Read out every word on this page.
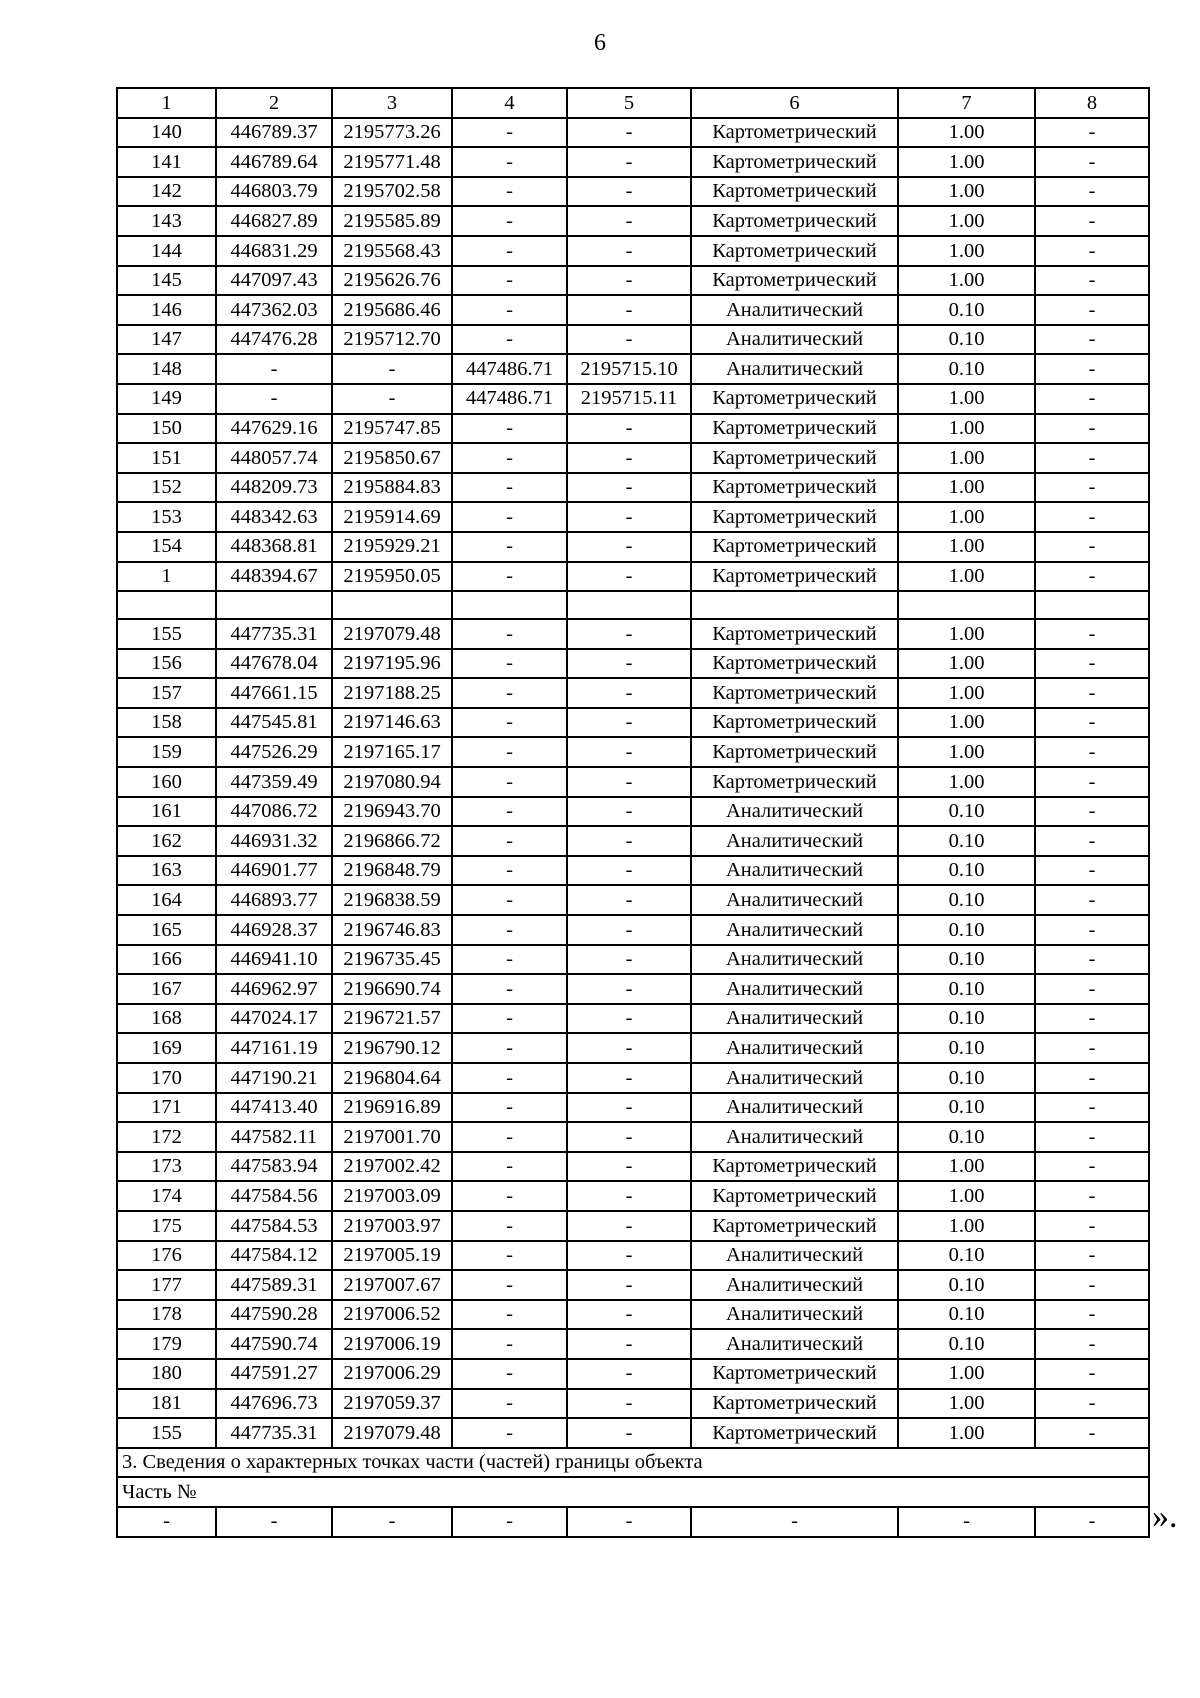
6
1	2	3	4	5	6	7	8
140	446789.37	2195773.26	-	-	Картометрический	1.00	-
141	446789.64	2195771.48	-	-	Картометрический	1.00	-
142	446803.79	2195702.58	-	-	Картометрический	1.00	-
143	446827.89	2195585.89	-	-	Картометрический	1.00	-
144	446831.29	2195568.43	-	-	Картометрический	1.00	-
145	447097.43	2195626.76	-	-	Картометрический	1.00	-
146	447362.03	2195686.46	-	-	Аналитический	0.10	-
147	447476.28	2195712.70	-	-	Аналитический	0.10	-
148	-	-	447486.71	2195715.10	Аналитический	0.10	-
149	-	-	447486.71	2195715.11	Картометрический	1.00	-
150	447629.16	2195747.85	-	-	Картометрический	1.00	-
151	448057.74	2195850.67	-	-	Картометрический	1.00	-
152	448209.73	2195884.83	-	-	Картометрический	1.00	-
153	448342.63	2195914.69	-	-	Картометрический	1.00	-
154	448368.81	2195929.21	-	-	Картометрический	1.00	-
1	448394.67	2195950.05	-	-	Картометрический	1.00	-

155	447735.31	2197079.48	-	-	Картометрический	1.00	-
156	447678.04	2197195.96	-	-	Картометрический	1.00	-
157	447661.15	2197188.25	-	-	Картометрический	1.00	-
158	447545.81	2197146.63	-	-	Картометрический	1.00	-
159	447526.29	2197165.17	-	-	Картометрический	1.00	-
160	447359.49	2197080.94	-	-	Картометрический	1.00	-
161	447086.72	2196943.70	-	-	Аналитический	0.10	-
162	446931.32	2196866.72	-	-	Аналитический	0.10	-
163	446901.77	2196848.79	-	-	Аналитический	0.10	-
164	446893.77	2196838.59	-	-	Аналитический	0.10	-
165	446928.37	2196746.83	-	-	Аналитический	0.10	-
166	446941.10	2196735.45	-	-	Аналитический	0.10	-
167	446962.97	2196690.74	-	-	Аналитический	0.10	-
168	447024.17	2196721.57	-	-	Аналитический	0.10	-
169	447161.19	2196790.12	-	-	Аналитический	0.10	-
170	447190.21	2196804.64	-	-	Аналитический	0.10	-
171	447413.40	2196916.89	-	-	Аналитический	0.10	-
172	447582.11	2197001.70	-	-	Аналитический	0.10	-
173	447583.94	2197002.42	-	-	Картометрический	1.00	-
174	447584.56	2197003.09	-	-	Картометрический	1.00	-
175	447584.53	2197003.97	-	-	Картометрический	1.00	-
176	447584.12	2197005.19	-	-	Аналитический	0.10	-
177	447589.31	2197007.67	-	-	Аналитический	0.10	-
178	447590.28	2197006.52	-	-	Аналитический	0.10	-
179	447590.74	2197006.19	-	-	Аналитический	0.10	-
180	447591.27	2197006.29	-	-	Картометрический	1.00	-
181	447696.73	2197059.37	-	-	Картометрический	1.00	-
155	447735.31	2197079.48	-	-	Картометрический	1.00	-
3. Сведения о характерных точках части (частей) границы объекта							
Часть №							
-	-	-	-	-	-	-	- ».
